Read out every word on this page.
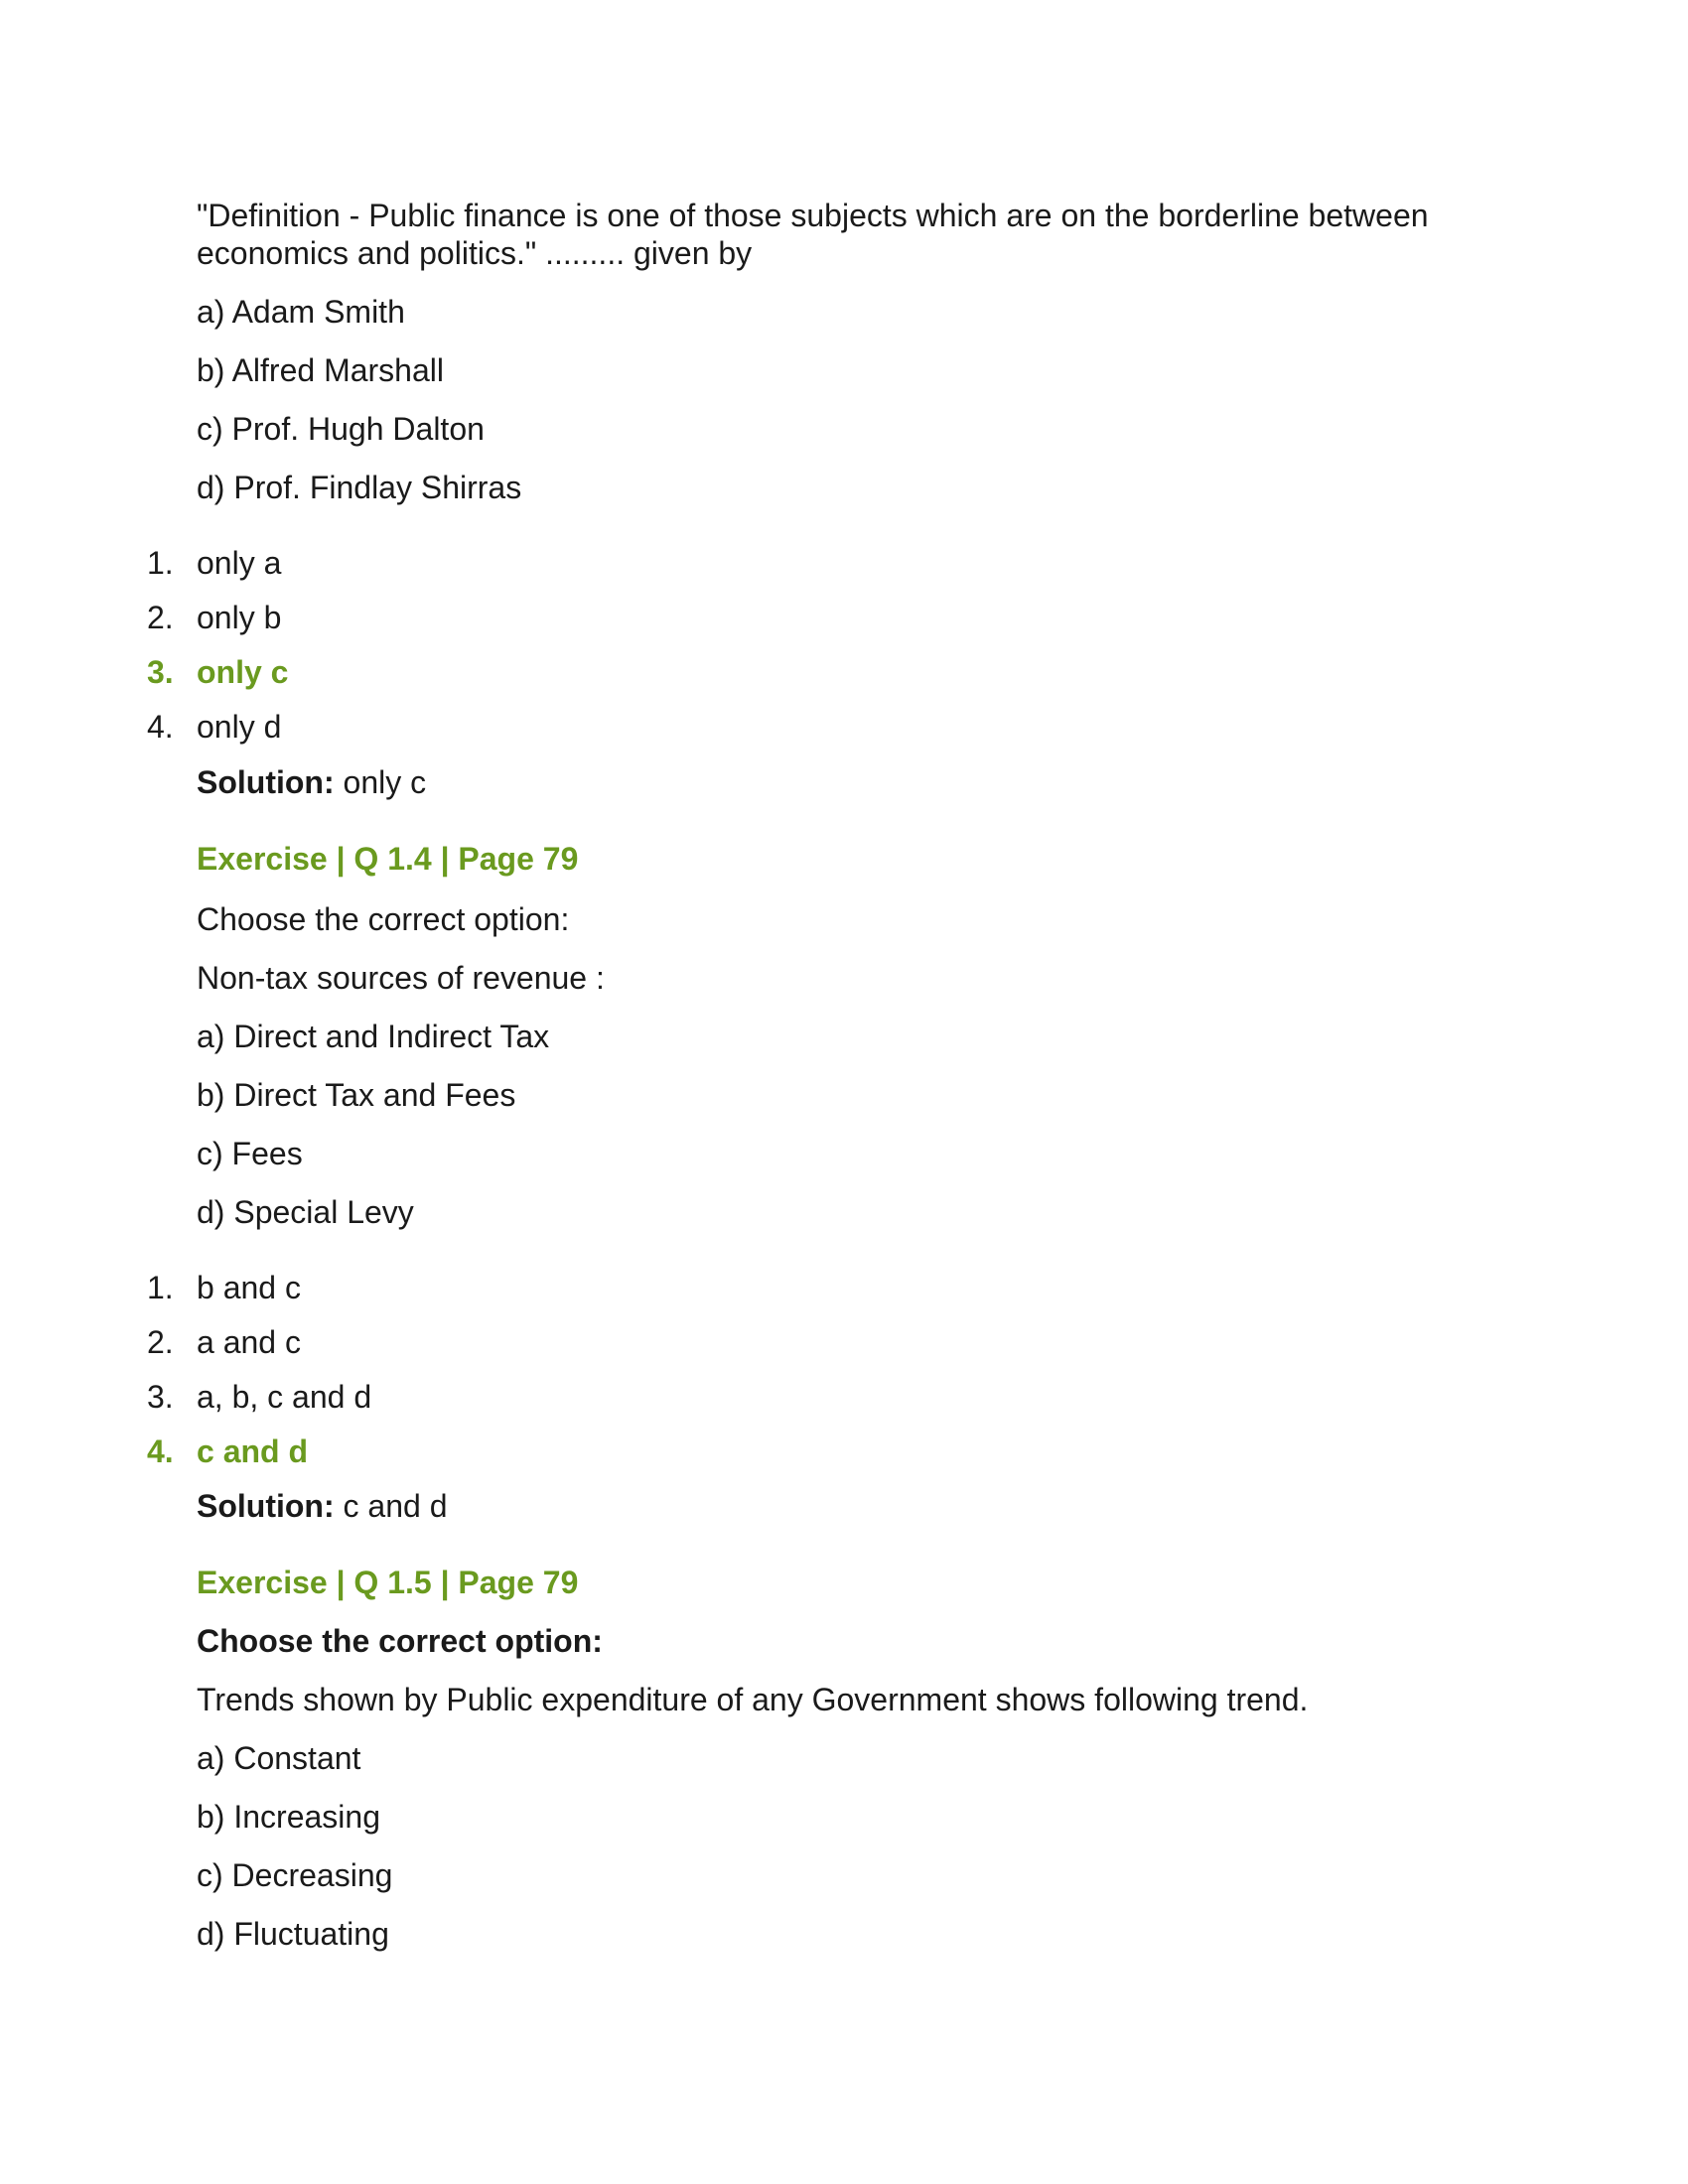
"Definition - Public finance is one of those subjects which are on the borderline between economics and politics." ......... given by
a) Adam Smith
b) Alfred Marshall
c) Prof. Hugh Dalton
d) Prof. Findlay Shirras
1. only a
2. only b
3. only c
4. only d
Solution: only c
Exercise | Q 1.4 | Page 79
Choose the correct option:
Non-tax sources of revenue :
a) Direct and Indirect Tax
b) Direct Tax and Fees
c) Fees
d) Special Levy
1. b and c
2. a and c
3. a, b, c and d
4. c and d
Solution: c and d
Exercise | Q 1.5 | Page 79
Choose the correct option:
Trends shown by Public expenditure of any Government shows following trend.
a) Constant
b) Increasing
c) Decreasing
d) Fluctuating
